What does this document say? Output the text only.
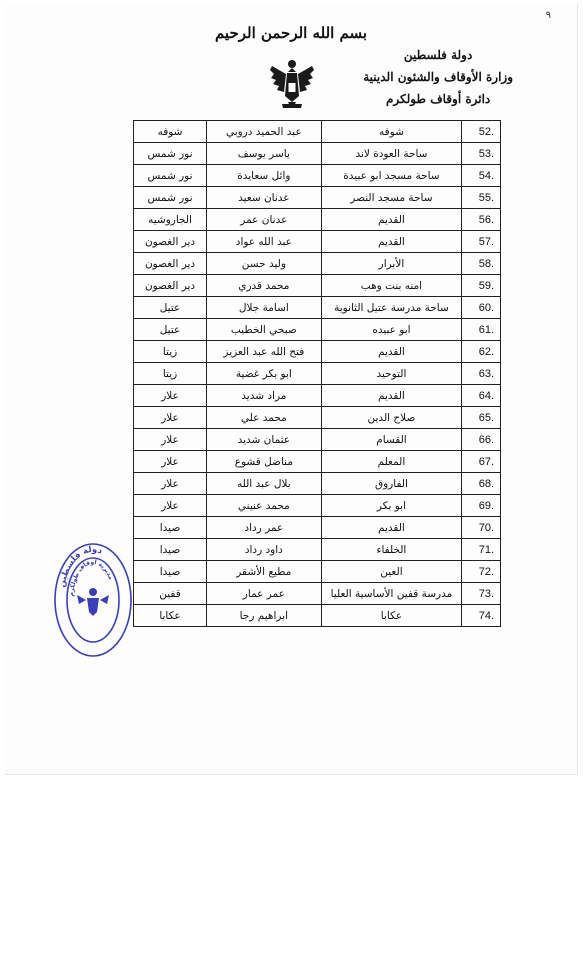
٩
بسم الله الرحمن الرحيم
دولة فلسطين
وزارة الأوقاف والشئون الدينية
دائرة أوقاف طولكرم
52.	شوفه	عبد الحميد دروبي	شوفه
53.	ساحة العودة لاند	ياسر يوسف	نور شمس
54.	ساحة مسجد ابو عبيدة	وائل سعايدة	نور شمس
55.	ساحة مسجد النصر	عدنان سعيد	نور شمس
56.	القديم	عدنان عمر	الجاروشيه
57.	القديم	عبد الله عواد	دير الغصون
58.	الأبرار	وليد حسن	دير الغصون
59.	امنه بنت وهب	محمد قدري	دير الغصون
60.	ساحة مدرسة عتيل الثانوية	اسامة جلال	عتيل
61.	ابو عبيده	صبحي الخطيب	عتيل
62.	القديم	فتح الله عبد العزيز	زيتا
63.	التوحيد	ابو بكر غضية	زيتا
64.	القديم	مراد شديد	علار
65.	صلاح الدين	محمد علي	علار
66.	القسام	عثمان شديد	علار
67.	المعلم	مناضل قشوع	علار
68.	الفاروق	بلال عبد الله	علار
69.	ابو بكر	محمد عنيني	علار
70.	القديم	عمر رداد	صيدا
71.	الخلفاء	داود رداد	صيدا
72.	العين	مطيع الأشقر	صيدا
73.	مدرسة قفين الأساسية العليا	عمر عمار	قفين
74.	عكابا	ابراهيم رجا	عكابا
دولة فلسطين
مديرية أوقاف طولكرم
